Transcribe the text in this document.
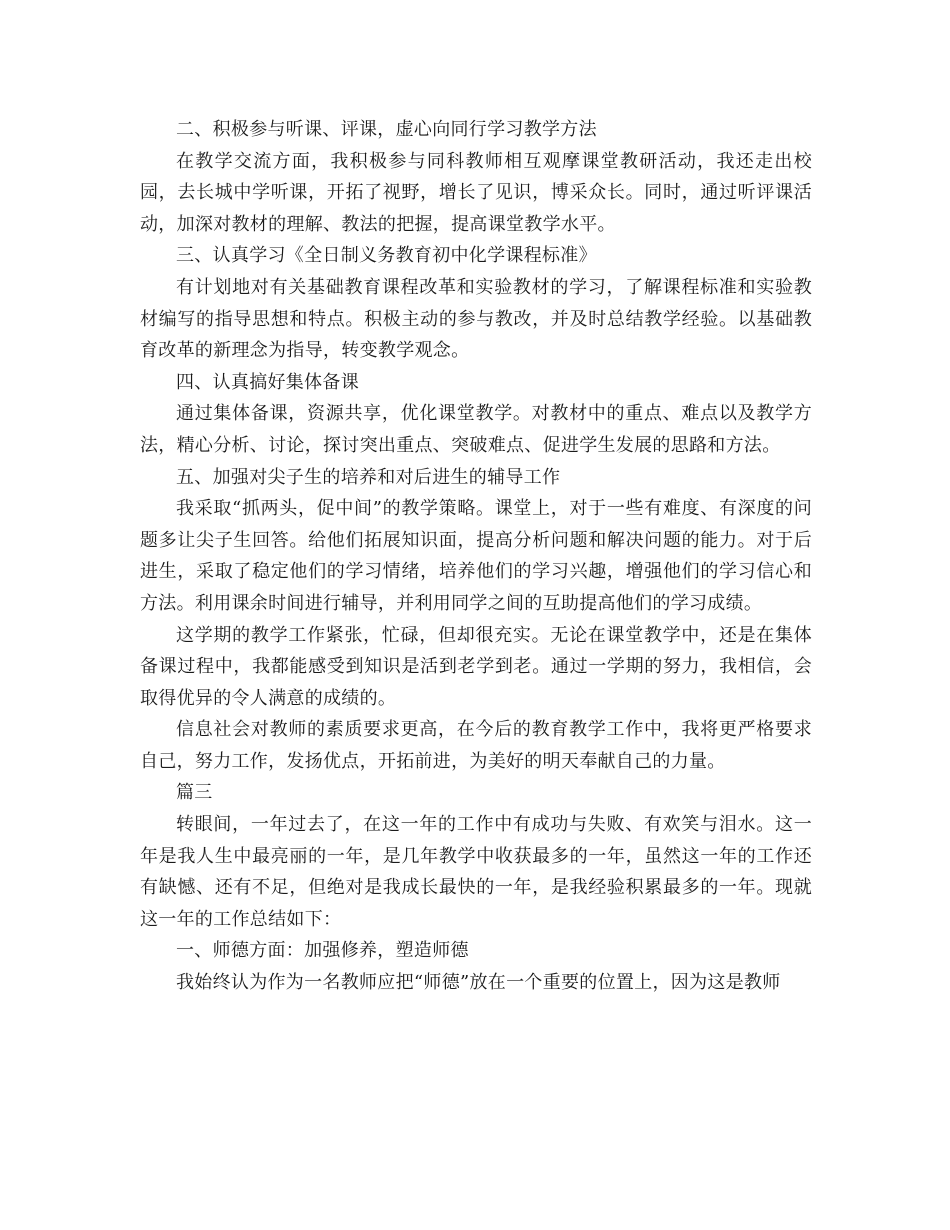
二、积极参与听课、评课，虚心向同行学习教学方法

在教学交流方面，我积极参与同科教师相互观摩课堂教研活动，我还走出校园，去长城中学听课，开拓了视野，增长了见识，博采众长。同时，通过听评课活动，加深对教材的理解、教法的把握，提高课堂教学水平。

三、认真学习《全日制义务教育初中化学课程标准》

有计划地对有关基础教育课程改革和实验教材的学习，了解课程标准和实验教材编写的指导思想和特点。积极主动的参与教改，并及时总结教学经验。以基础教育改革的新理念为指导，转变教学观念。

四、认真搞好集体备课

通过集体备课，资源共享，优化课堂教学。对教材中的重点、难点以及教学方法，精心分析、讨论，探讨突出重点、突破难点、促进学生发展的思路和方法。

五、加强对尖子生的培养和对后进生的辅导工作

我采取“抓两头，促中间”的教学策略。课堂上，对于一些有难度、有深度的问题多让尖子生回答。给他们拓展知识面，提高分析问题和解决问题的能力。对于后进生，采取了稳定他们的学习情绪，培养他们的学习兴趣，增强他们的学习信心和方法。利用课余时间进行辅导，并利用同学之间的互助提高他们的学习成绩。

这学期的教学工作紧张，忙碌，但却很充实。无论在课堂教学中，还是在集体备课过程中，我都能感受到知识是活到老学到老。通过一学期的努力，我相信，会取得优异的令人满意的成绩的。

信息社会对教师的素质要求更高，在今后的教育教学工作中，我将更严格要求自己，努力工作，发扬优点，开拓前进，为美好的明天奉献自己的力量。

篇三

转眼间，一年过去了，在这一年的工作中有成功与失败、有欢笑与泪水。这一年是我人生中最亮丽的一年，是几年教学中收获最多的一年，虽然这一年的工作还有缺憾、还有不足，但绝对是我成长最快的一年，是我经验积累最多的一年。现就这一年的工作总结如下：

一、师德方面：加强修养，塑造师德

我始终认为作为一名教师应把“师德”放在一个重要的位置上，因为这是教师
